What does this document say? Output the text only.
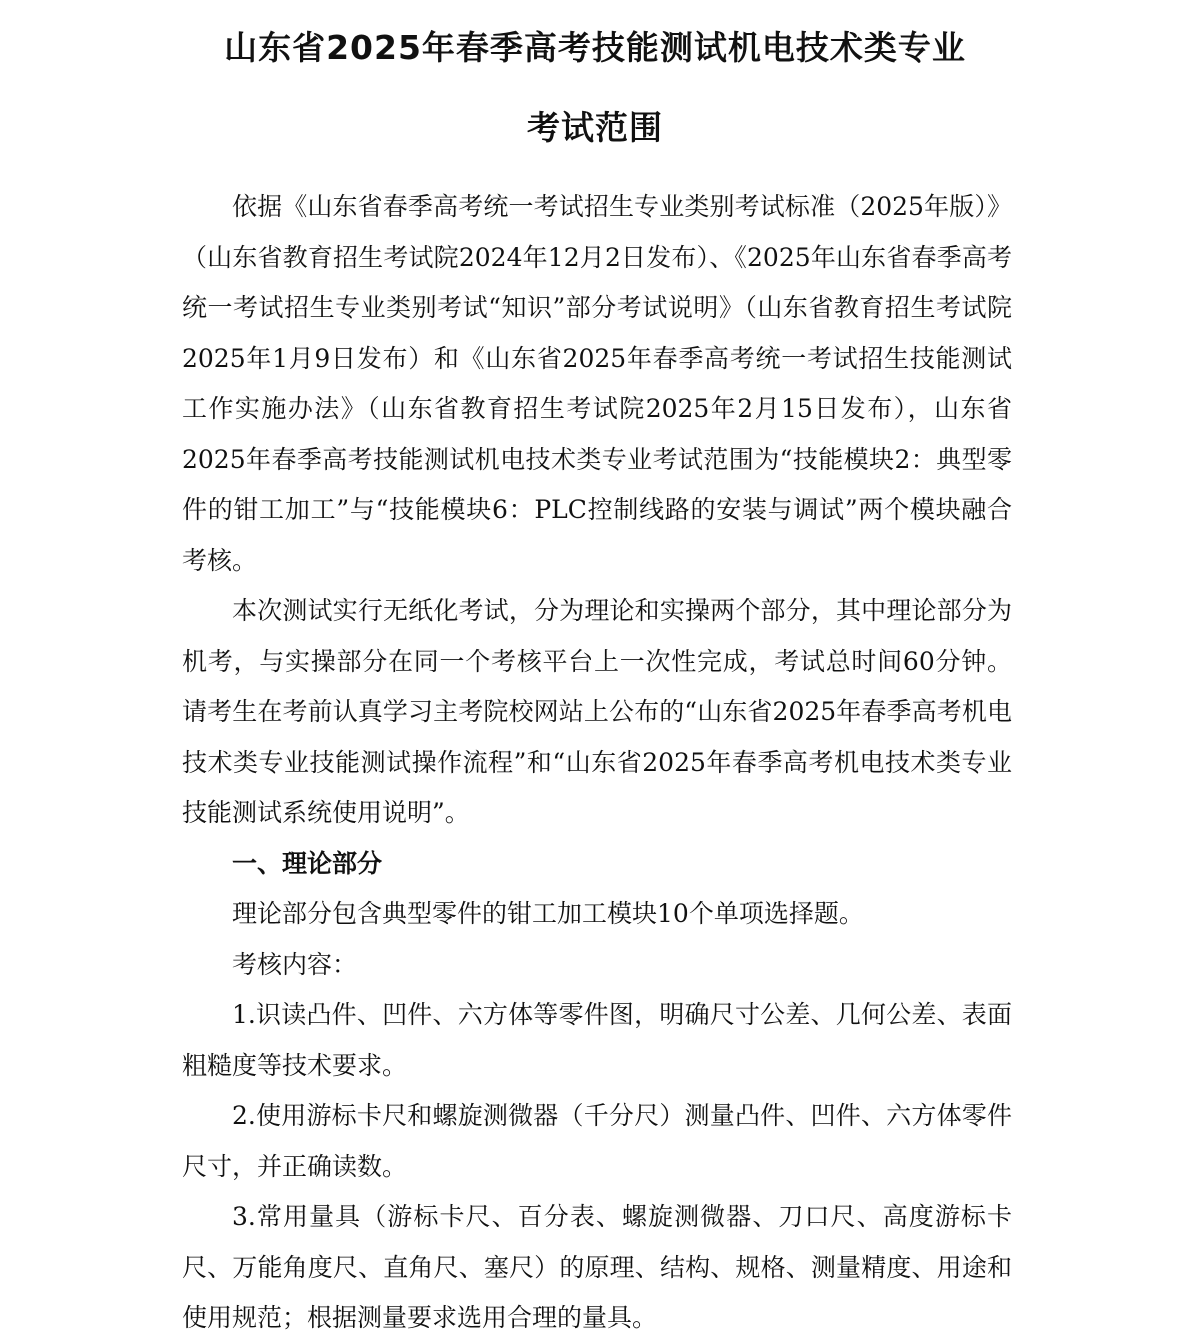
山东省2025年春季高考技能测试机电技术类专业
考试范围

依据《山东省春季高考统一考试招生专业类别考试标准（2025年版）》（山东省教育招生考试院2024年12月2日发布）、《2025年山东省春季高考统一考试招生专业类别考试“知识”部分考试说明》（山东省教育招生考试院2025年1月9日发布）和《山东省2025年春季高考统一考试招生技能测试工作实施办法》（山东省教育招生考试院2025年2月15日发布），山东省2025年春季高考技能测试机电技术类专业考试范围为“技能模块2：典型零件的钳工加工”与“技能模块6：PLC控制线路的安装与调试”两个模块融合考核。

本次测试实行无纸化考试，分为理论和实操两个部分，其中理论部分为机考，与实操部分在同一个考核平台上一次性完成，考试总时间60分钟。请考生在考前认真学习主考院校网站上公布的“山东省2025年春季高考机电技术类专业技能测试操作流程”和“山东省2025年春季高考机电技术类专业技能测试系统使用说明”。

一、理论部分

理论部分包含典型零件的钳工加工模块10个单项选择题。

考核内容：

1.识读凸件、凹件、六方体等零件图，明确尺寸公差、几何公差、表面粗糙度等技术要求。

2.使用游标卡尺和螺旋测微器（千分尺）测量凸件、凹件、六方体零件尺寸，并正确读数。

3.常用量具（游标卡尺、百分表、螺旋测微器、刀口尺、高度游标卡尺、万能角度尺、直角尺、塞尺）的原理、结构、规格、测量精度、用途和使用规范；根据测量要求选用合理的量具。
